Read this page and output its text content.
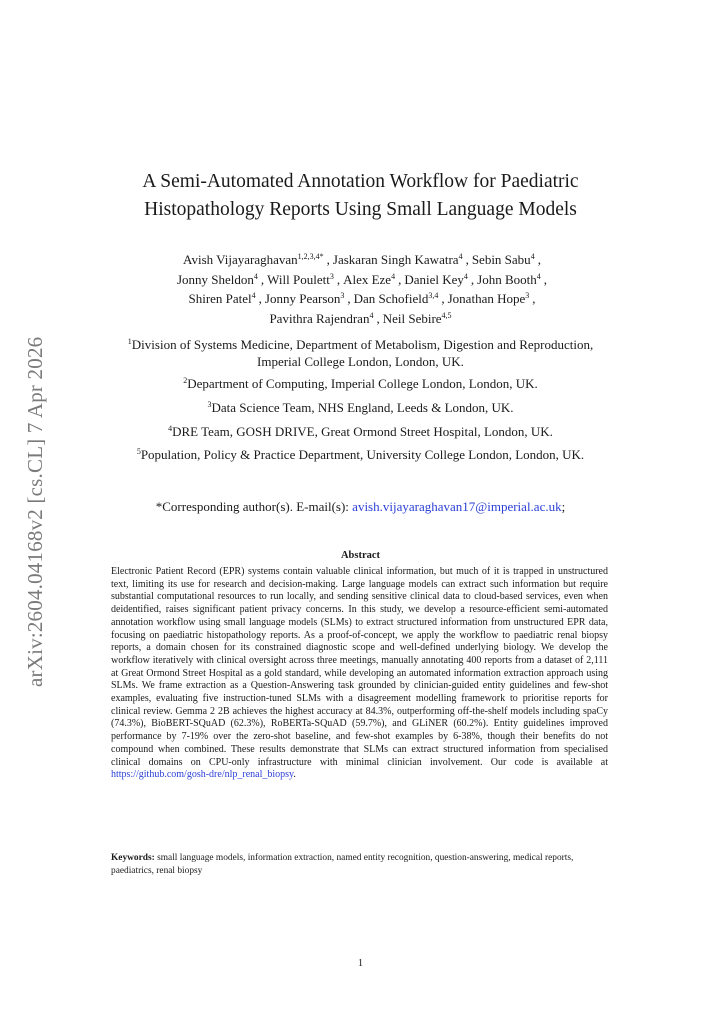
arXiv:2604.04168v2 [cs.CL] 7 Apr 2026
A Semi-Automated Annotation Workflow for Paediatric
Histopathology Reports Using Small Language Models
Avish Vijayaraghavan$^{1,2,3,4*}$ , Jaskaran Singh Kawatra$^4$ , Sebin Sabu$^4$ ,
Jonny Sheldon$^4$ , Will Poulett$^3$ , Alex Eze$^4$ , Daniel Key$^4$ , John Booth$^4$ ,
Shiren Patel$^4$ , Jonny Pearson$^3$ , Dan Schofield$^{3,4}$ , Jonathan Hope$^3$ ,
Pavithra Rajendran$^4$ , Neil Sebire$^{4,5}$
$^1$Division of Systems Medicine, Department of Metabolism, Digestion and Reproduction,
Imperial College London, London, UK.
$^2$Department of Computing, Imperial College London, London, UK.
$^3$Data Science Team, NHS England, Leeds & London, UK.
$^4$DRE Team, GOSH DRIVE, Great Ormond Street Hospital, London, UK.
$^5$Population, Policy & Practice Department, University College London, London, UK.
*Corresponding author(s). E-mail(s): avish.vijayaraghavan17@imperial.ac.uk;
Abstract
Electronic Patient Record (EPR) systems contain valuable clinical information, but much of it is trapped in unstructured text, limiting its use for research and decision-making. Large language models can extract such information but require substantial computational resources to run locally, and sending sensitive clinical data to cloud-based services, even when deidentified, raises significant patient privacy concerns. In this study, we develop a resource-efficient semi-automated annotation workflow using small language models (SLMs) to extract structured information from unstructured EPR data, focusing on paediatric histopathology reports. As a proof-of-concept, we apply the workflow to paediatric renal biopsy reports, a domain chosen for its constrained diagnostic scope and well-defined underlying biology. We develop the workflow iteratively with clinical oversight across three meetings, manually annotating 400 reports from a dataset of 2,111 at Great Ormond Street Hospital as a gold standard, while developing an automated information extraction approach using SLMs. We frame extraction as a Question-Answering task grounded by clinician-guided entity guidelines and few-shot examples, evaluating five instruction-tuned SLMs with a disagreement modelling framework to prioritise reports for clinical review. Gemma 2 2B achieves the highest accuracy at 84.3%, outperforming off-the-shelf models including spaCy (74.3%), BioBERT-SQuAD (62.3%), RoBERTa-SQuAD (59.7%), and GLiNER (60.2%). Entity guidelines improved performance by 7-19% over the zero-shot baseline, and few-shot examples by 6-38%, though their benefits do not compound when combined. These results demonstrate that SLMs can extract structured information from specialised clinical domains on CPU-only infrastructure with minimal clinician involvement. Our code is available at https://github.com/gosh-dre/nlp_renal_biopsy.
Keywords: small language models, information extraction, named entity recognition, question-answering, medical reports, paediatrics, renal biopsy
1
